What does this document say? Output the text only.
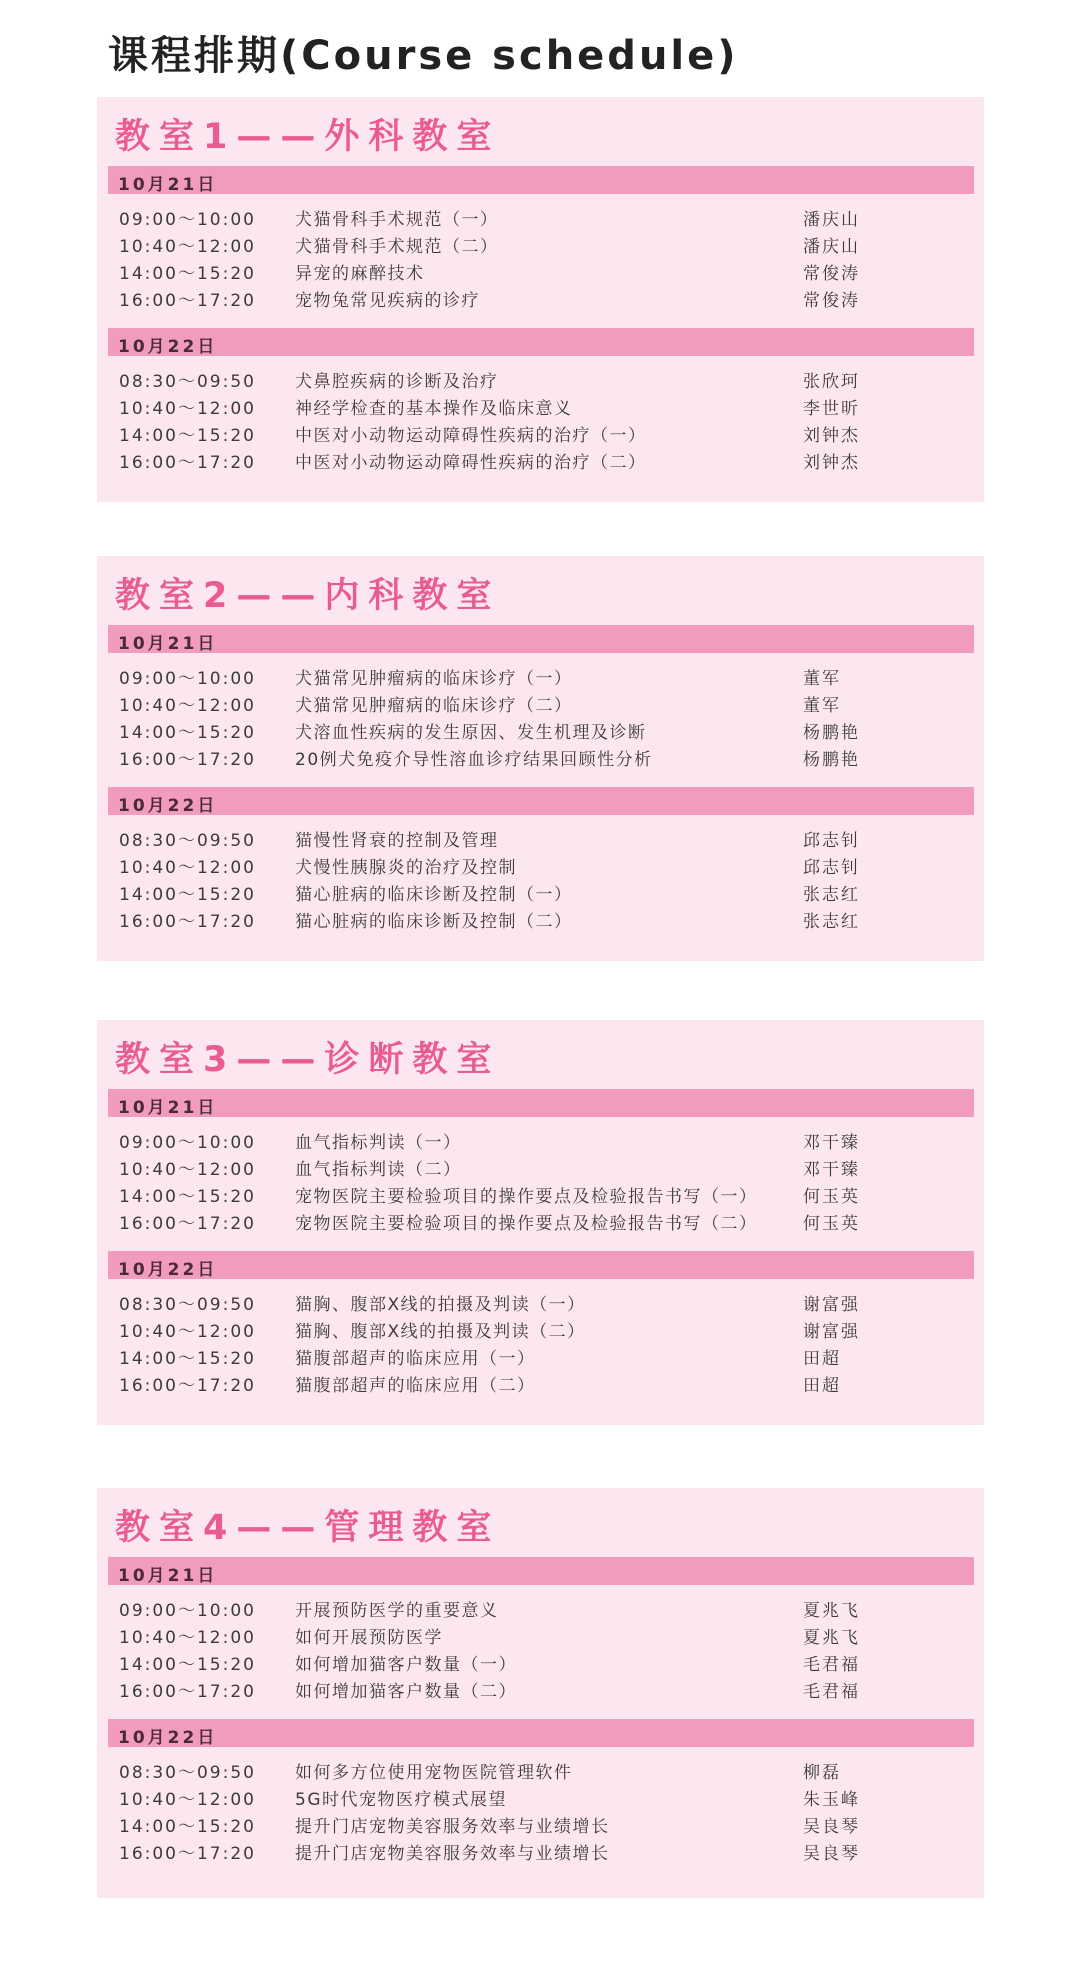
课程排期(Course schedule)
教室1——外科教室
10月21日
09:00～10:00 犬猫骨科手术规范（一）	潘庆山
10:40～12:00 犬猫骨科手术规范（二）	潘庆山
14:00～15:20 异宠的麻醉技术	常俊涛
16:00～17:20 宠物兔常见疾病的诊疗	常俊涛
10月22日
08:30～09:50 犬鼻腔疾病的诊断及治疗	张欣珂
10:40～12:00 神经学检查的基本操作及临床意义	李世昕
14:00～15:20 中医对小动物运动障碍性疾病的治疗（一）	刘钟杰
16:00～17:20 中医对小动物运动障碍性疾病的治疗（二）	刘钟杰
教室2——内科教室
10月21日
09:00～10:00 犬猫常见肿瘤病的临床诊疗（一）	董军
10:40～12:00 犬猫常见肿瘤病的临床诊疗（二）	董军
14:00～15:20 犬溶血性疾病的发生原因、发生机理及诊断	杨鹏艳
16:00～17:20 20例犬免疫介导性溶血诊疗结果回顾性分析	杨鹏艳
10月22日
08:30～09:50 猫慢性肾衰的控制及管理	邱志钊
10:40～12:00 犬慢性胰腺炎的治疗及控制	邱志钊
14:00～15:20 猫心脏病的临床诊断及控制（一）	张志红
16:00～17:20 猫心脏病的临床诊断及控制（二）	张志红
教室3——诊断教室
10月21日
09:00～10:00 血气指标判读（一）	邓干臻
10:40～12:00 血气指标判读（二）	邓干臻
14:00～15:20 宠物医院主要检验项目的操作要点及检验报告书写（一）	何玉英
16:00～17:20 宠物医院主要检验项目的操作要点及检验报告书写（二）	何玉英
10月22日
08:30～09:50 猫胸、腹部X线的拍摄及判读（一）	谢富强
10:40～12:00 猫胸、腹部X线的拍摄及判读（二）	谢富强
14:00～15:20 猫腹部超声的临床应用（一）	田超
16:00～17:20 猫腹部超声的临床应用（二）	田超
教室4——管理教室
10月21日
09:00～10:00 开展预防医学的重要意义	夏兆飞
10:40～12:00 如何开展预防医学	夏兆飞
14:00～15:20 如何增加猫客户数量（一）	毛君福
16:00～17:20 如何增加猫客户数量（二）	毛君福
10月22日
08:30～09:50 如何多方位使用宠物医院管理软件	柳磊
10:40～12:00 5G时代宠物医疗模式展望	朱玉峰
14:00～15:20 提升门店宠物美容服务效率与业绩增长	吴良琴
16:00～17:20 提升门店宠物美容服务效率与业绩增长	吴良琴
